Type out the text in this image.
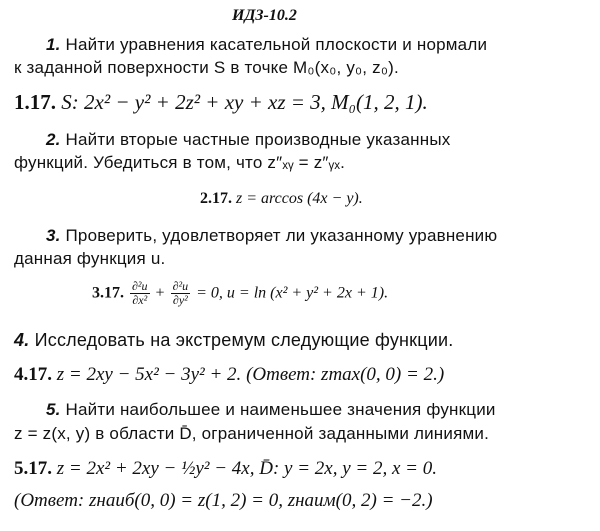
ИДЗ-10.2
1. Найти уравнения касательной плоскости и нормали
к заданной поверхности S в точке M₀(x₀, y₀, z₀).
1.17. S: 2x² − y² + 2z² + xy + xz = 3, M₀(1, 2, 1).
2. Найти вторые частные производные указанных
функций. Убедиться в том, что z″ₓᵧ = z″ᵧₓ.
2.17. z = arccos (4x − y).
3. Проверить, удовлетворяет ли указанному уравнению
данная функция u.
3.17. $\frac{\text{∂²u}}{\text{∂x²}} + \frac{\text{∂²u}}{\text{∂y²}} = 0$, u = ln (x² + y² + 2x + 1).
4. Исследовать на экстремум следующие функции.
4.17. z = 2xy − 5x² − 3y² + 2. (Ответ: zmax(0, 0) = 2.)
5. Найти наибольшее и наименьшее значения функции
z = z(x, y) в области D̄, ограниченной заданными линиями.
5.17. z = 2x² + 2xy − ½y² − 4x, D̄: y = 2x, y = 2, x = 0.
(Ответ: zнаиб(0, 0) = z(1, 2) = 0, zнаим(0, 2) = −2.)
